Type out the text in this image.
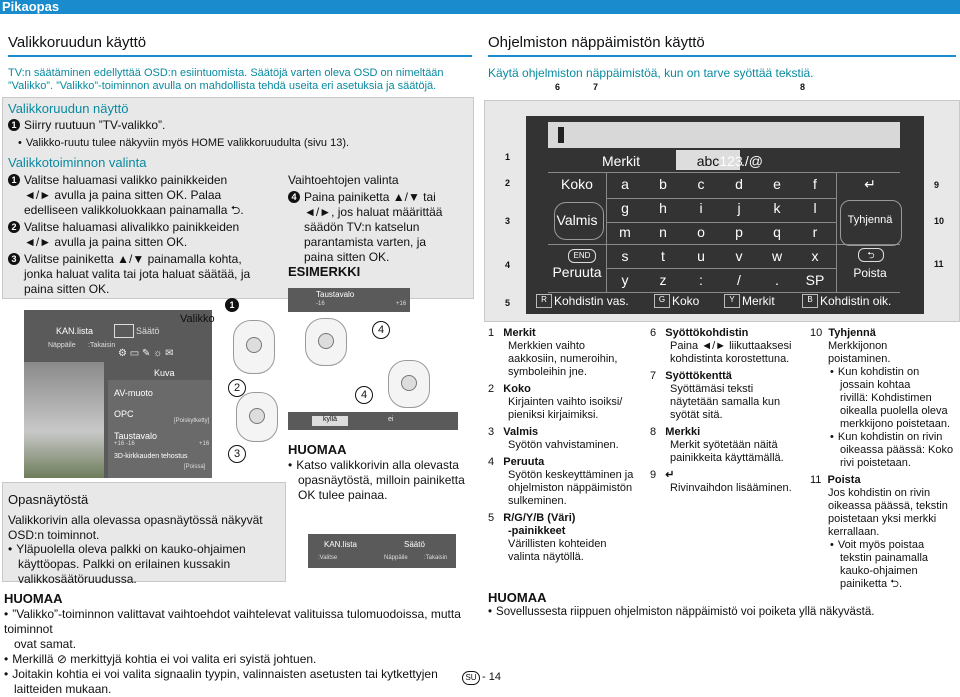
Pikaopas
Valikkoruudun käyttö
TV:n säätäminen edellyttää OSD:n esiintuomista. Säätöjä varten oleva OSD on nimeltään
”Valikko”. ”Valikko”-toiminnon avulla on mahdollista tehdä useita eri asetuksia ja säätöjä.
Valikkoruudun näyttö
1 Siirry ruutuun ”TV-valikko”.
• Valikko-ruutu tulee näkyviin myös HOME valikkoruudulta (sivu 13).
Valikkotoiminnon valinta
1 Valitse haluamasi valikko painikkeiden
◄/► avulla ja paina sitten OK. Palaa
edelliseen valikkoluokkaan painamalla ⮌.
2 Valitse haluamasi alivalikko painikkeiden
◄/► avulla ja paina sitten OK.
3 Valitse painiketta ▲/▼ painamalla kohta,
jonka haluat valita tai jota haluat säätää, ja
paina sitten OK.
Vaihtoehtojen valinta
4 Paina painiketta ▲/▼ tai
◄/►, jos haluat määrittää
säädön TV:n katselun
parantamista varten, ja
paina sitten OK.
ESIMERKKI
KAN.lista	Säätö
Näppäile :Takaisin
⚙ ▭ ✎ ☼ ✉
Kuva
AV-muoto
OPC
[Poiskytketty]
Taustavalo
+16 -16	+16
3D-kirkkauden tehostus
[Poissa]
Valikko
1
2
3
Taustavalo
-16	+16
4
4
kyllä	ei
HUOMAA
• Katso valikkorivin alla olevasta
opasnäytöstä, milloin painiketta
OK tulee painaa.
KAN.lista	Säätö
:Valitse	Näppäile	:Takaisin
Opasnäytöstä
Valikkorivin alla olevassa opasnäytössä näkyvät
OSD:n toiminnot.
• Yläpuolella oleva palkki on kauko-ohjaimen
käyttöopas. Palkki on erilainen kussakin
valikkosäätöruudussa.
HUOMAA
• ”Valikko”-toiminnon valittavat vaihtoehdot vaihtelevat valituissa tulomuodoissa, mutta toiminnot
ovat samat.
• Merkillä ⊘ merkittyjä kohtia ei voi valita eri syistä johtuen.
• Joitakin kohtia ei voi valita signaalin tyypin, valinnaisten asetusten tai kytkettyjen
laitteiden mukaan.
Ohjelmiston näppäimistön käyttö
Käytä ohjelmiston näppäimistöä, kun on tarve syöttää tekstiä.
6	7	8
1
2
3
4
5
9
10
11
Merkit	abc 123
./@
Koko
Valmis
END
Peruuta
a	b	c	d	e	f
g	h	i	j	k	l
m	n	o	p	q	r
s	t	u	v	w	x
y	z	:	/	.	SP
↵
Tyhjennä
⮌
Poista
R Kohdistin vas.	G Koko	Y Merkit	B Kohdistin oik.
1 Merkit
Merkkien vaihto
aakkosiin, numeroihin,
symboleihin jne.
2 Koko
Kirjainten vaihto isoiksi/
pieniksi kirjaimiksi.
3 Valmis
Syötön vahvistaminen.
4 Peruuta
Syötön keskeyttäminen ja
ohjelmiston näppäimistön
sulkeminen.
5 R/G/Y/B (Väri)
-painikkeet
Värillisten kohteiden
valinta näytöllä.
6 Syöttökohdistin
Paina ◄/► liikuttaaksesi
kohdistinta korostettuna.
7 Syöttökenttä
Syöttämäsi teksti
näytetään samalla kun
syötät sitä.
8 Merkki
Merkit syötetään näitä
painikkeita käyttämällä.
9 ↵
Rivinvaihdon lisääminen.
10 Tyhjennä
Merkkijonon
poistaminen.
• Kun kohdistin on
jossain kohtaa
rivillä: Kohdistimen
oikealla puolella oleva
merkkijono poistetaan.
• Kun kohdistin on rivin
oikeassa päässä: Koko
rivi poistetaan.
11 Poista
Jos kohdistin on rivin
oikeassa päässä, tekstin
poistetaan yksi merkki
kerrallaan.
• Voit myös poistaa
tekstin painamalla
kauko-ohjaimen
painiketta ⮌.
HUOMAA
• Sovellussesta riippuen ohjelmiston näppäimistö voi poiketa yllä näkyvästä.
SU - 14
